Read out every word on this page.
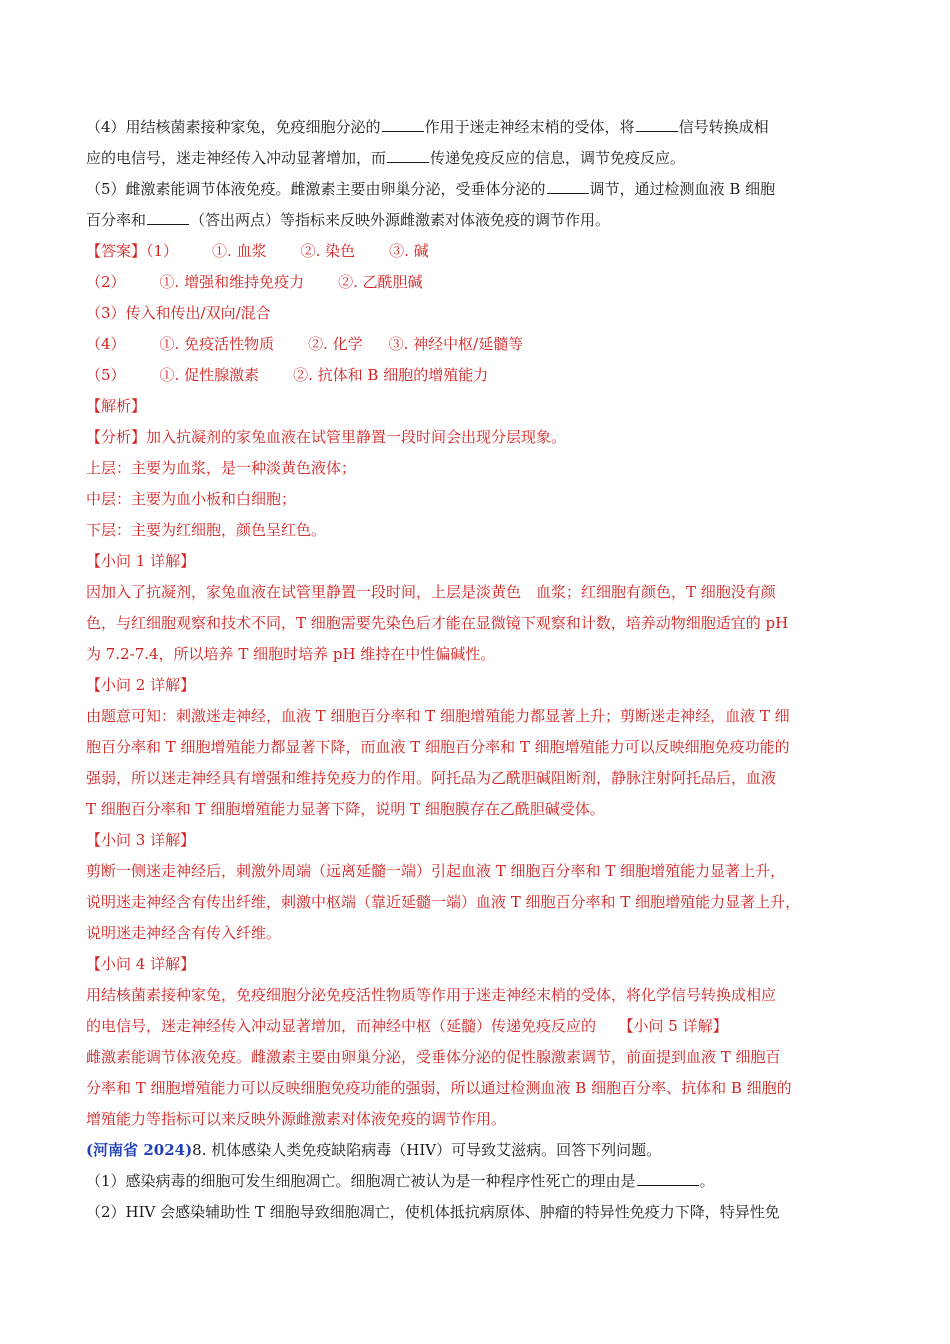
（4）用结核菌素接种家兔，免疫细胞分泌的	作用于迷走神经末梢的受体，将	信号转换成相
应的电信号，迷走神经传入冲动显著增加，而	传递免疫反应的信息，调节免疫反应。
（5）雌激素能调节体液免疫。雌激素主要由卵巢分泌，受垂体分泌的	调节，通过检测血液 B 细胞
百分率和	（答出两点）等指标来反映外源雌激素对体液免疫的调节作用。
【答案】（1） ①. 血浆 ②. 染色 ③. 碱
（2） ①. 增强和维持免疫力 ②. 乙酰胆碱
（3）传入和传出/双向/混合
（4） ①. 免疫活性物质 ②. 化学 ③. 神经中枢/延髓等
（5） ①. 促性腺激素 ②. 抗体和 B 细胞的增殖能力
【解析】
【分析】加入抗凝剂的家兔血液在试管里静置一段时间会出现分层现象。
上层：主要为血浆，是一种淡黄色液体；
中层：主要为血小板和白细胞；
下层：主要为红细胞，颜色呈红色。
【小问 1 详解】
因加入了抗凝剂，家兔血液在试管里静置一段时间，上层是淡黄色　血浆；红细胞有颜色，T 细胞没有颜
色，与红细胞观察和技术不同，T 细胞需要先染色后才能在显微镜下观察和计数，培养动物细胞适宜的 pH
为 7.2-7.4，所以培养 T 细胞时培养 pH 维持在中性偏碱性。
【小问 2 详解】
由题意可知：刺激迷走神经，血液 T 细胞百分率和 T 细胞增殖能力都显著上升；剪断迷走神经，血液 T 细
胞百分率和 T 细胞增殖能力都显著下降，而血液 T 细胞百分率和 T 细胞增殖能力可以反映细胞免疫功能的
强弱，所以迷走神经具有增强和维持免疫力的作用。阿托品为乙酰胆碱阻断剂，静脉注射阿托品后，血液
T 细胞百分率和 T 细胞增殖能力显著下降，说明 T 细胞膜存在乙酰胆碱受体。
【小问 3 详解】
剪断一侧迷走神经后，刺激外周端（远离延髓一端）引起血液 T 细胞百分率和 T 细胞增殖能力显著上升，
说明迷走神经含有传出纤维，刺激中枢端（靠近延髓一端）血液 T 细胞百分率和 T 细胞增殖能力显著上升，
说明迷走神经含有传入纤维。
【小问 4 详解】
用结核菌素接种家兔，免疫细胞分泌免疫活性物质等作用于迷走神经末梢的受体，将化学信号转换成相应
的电信号，迷走神经传入冲动显著增加，而神经中枢（延髓）传递免疫反应的　　【小问 5 详解】
雌激素能调节体液免疫。雌激素主要由卵巢分泌，受垂体分泌的促性腺激素调节，前面提到血液 T 细胞百
分率和 T 细胞增殖能力可以反映细胞免疫功能的强弱，所以通过检测血液 B 细胞百分率、抗体和 B 细胞的
增殖能力等指标可以来反映外源雌激素对体液免疫的调节作用。
(河南省 2024)8. 机体感染人类免疫缺陷病毒（HIV）可导致艾滋病。回答下列问题。
（1）感染病毒的细胞可发生细胞凋亡。细胞凋亡被认为是一种程序性死亡的理由是	。
（2）HIV 会感染辅助性 T 细胞导致细胞凋亡，使机体抵抗病原体、肿瘤的特异性免疫力下降，特异性免
